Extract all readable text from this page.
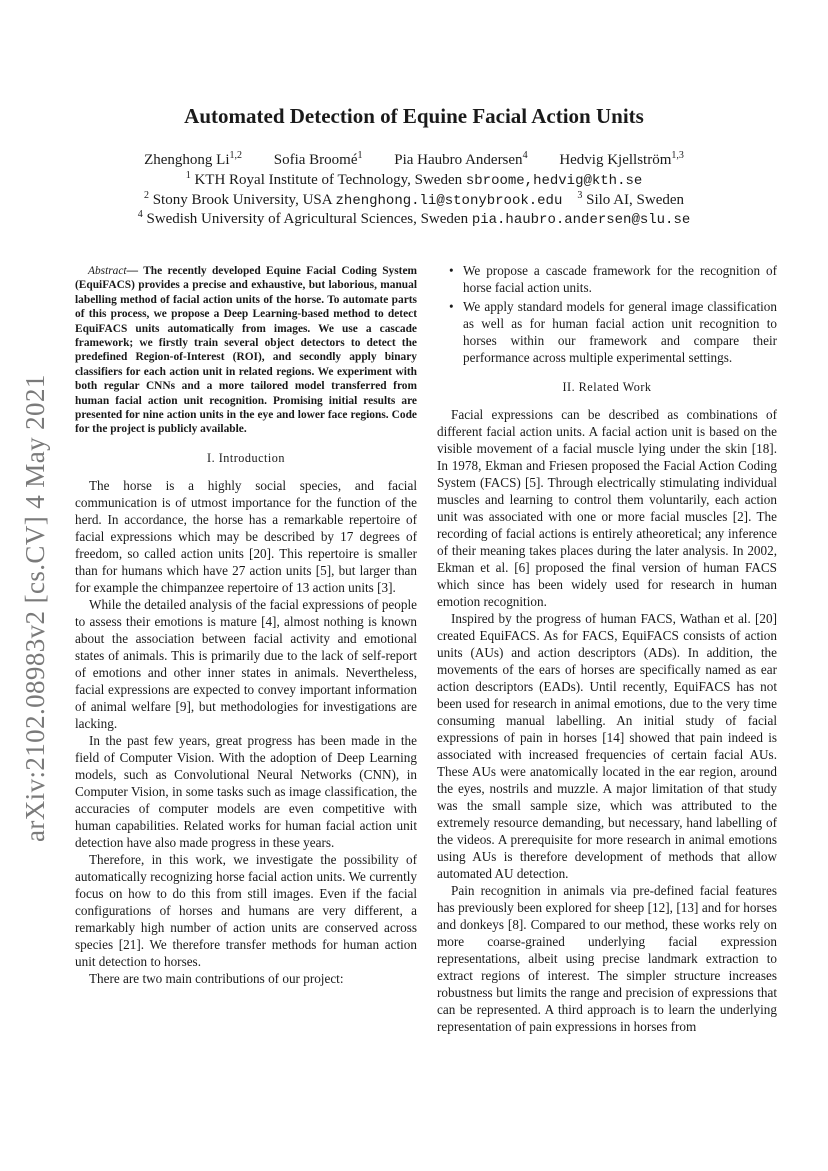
arXiv:2102.08983v2 [cs.CV] 4 May 2021
Automated Detection of Equine Facial Action Units
Zhenghong Li$^{1,2}$ Sofia Broomé$^1$ Pia Haubro Andersen$^4$ Hedvig Kjellström$^{1,3}$
$^1$ KTH Royal Institute of Technology, Sweden sbroome,hedvig@kth.se
$^2$ Stony Brook University, USA zhenghong.li@stonybrook.edu $^3$ Silo AI, Sweden
$^4$ Swedish University of Agricultural Sciences, Sweden pia.haubro.andersen@slu.se

Abstract— The recently developed Equine Facial Coding System (EquiFACS) provides a precise and exhaustive, but laborious, manual labelling method of facial action units of the horse. To automate parts of this process, we propose a Deep Learning-based method to detect EquiFACS units automatically from images. We use a cascade framework; we firstly train several object detectors to detect the predefined Region-of-Interest (ROI), and secondly apply binary classifiers for each action unit in related regions. We experiment with both regular CNNs and a more tailored model transferred from human facial action unit recognition. Promising initial results are presented for nine action units in the eye and lower face regions. Code for the project is publicly available.

I. Introduction

The horse is a highly social species, and facial communication is of utmost importance for the function of the herd. In accordance, the horse has a remarkable repertoire of facial expressions which may be described by 17 degrees of freedom, so called action units [20]. This repertoire is smaller than for humans which have 27 action units [5], but larger than for example the chimpanzee repertoire of 13 action units [3].

While the detailed analysis of the facial expressions of people to assess their emotions is mature [4], almost nothing is known about the association between facial activity and emotional states of animals. This is primarily due to the lack of self-report of emotions and other inner states in animals. Nevertheless, facial expressions are expected to convey important information of animal welfare [9], but methodologies for investigations are lacking.

In the past few years, great progress has been made in the field of Computer Vision. With the adoption of Deep Learning models, such as Convolutional Neural Networks (CNN), in Computer Vision, in some tasks such as image classification, the accuracies of computer models are even competitive with human capabilities. Related works for human facial action unit detection have also made progress in these years.

Therefore, in this work, we investigate the possibility of automatically recognizing horse facial action units. We currently focus on how to do this from still images. Even if the facial configurations of horses and humans are very different, a remarkably high number of action units are conserved across species [21]. We therefore transfer methods for human action unit detection to horses.

There are two main contributions of our project:

• We propose a cascade framework for the recognition of horse facial action units.
• We apply standard models for general image classification as well as for human facial action unit recognition to horses within our framework and compare their performance across multiple experimental settings.
II. Related Work

Facial expressions can be described as combinations of different facial action units. A facial action unit is based on the visible movement of a facial muscle lying under the skin [18]. In 1978, Ekman and Friesen proposed the Facial Action Coding System (FACS) [5]. Through electrically stimulating individual muscles and learning to control them voluntarily, each action unit was associated with one or more facial muscles [2]. The recording of facial actions is entirely atheoretical; any inference of their meaning takes places during the later analysis. In 2002, Ekman et al. [6] proposed the final version of human FACS which since has been widely used for research in human emotion recognition.

Inspired by the progress of human FACS, Wathan et al. [20] created EquiFACS. As for FACS, EquiFACS consists of action units (AUs) and action descriptors (ADs). In addition, the movements of the ears of horses are specifically named as ear action descriptors (EADs). Until recently, EquiFACS has not been used for research in animal emotions, due to the very time consuming manual labelling. An initial study of facial expressions of pain in horses [14] showed that pain indeed is associated with increased frequencies of certain facial AUs. These AUs were anatomically located in the ear region, around the eyes, nostrils and muzzle. A major limitation of that study was the small sample size, which was attributed to the extremely resource demanding, but necessary, hand labelling of the videos. A prerequisite for more research in animal emotions using AUs is therefore development of methods that allow automated AU detection.

Pain recognition in animals via pre-defined facial features has previously been explored for sheep [12], [13] and for horses and donkeys [8]. Compared to our method, these works rely on more coarse-grained underlying facial expression representations, albeit using precise landmark extraction to extract regions of interest. The simpler structure increases robustness but limits the range and precision of expressions that can be represented. A third approach is to learn the underlying representation of pain expressions in horses from
